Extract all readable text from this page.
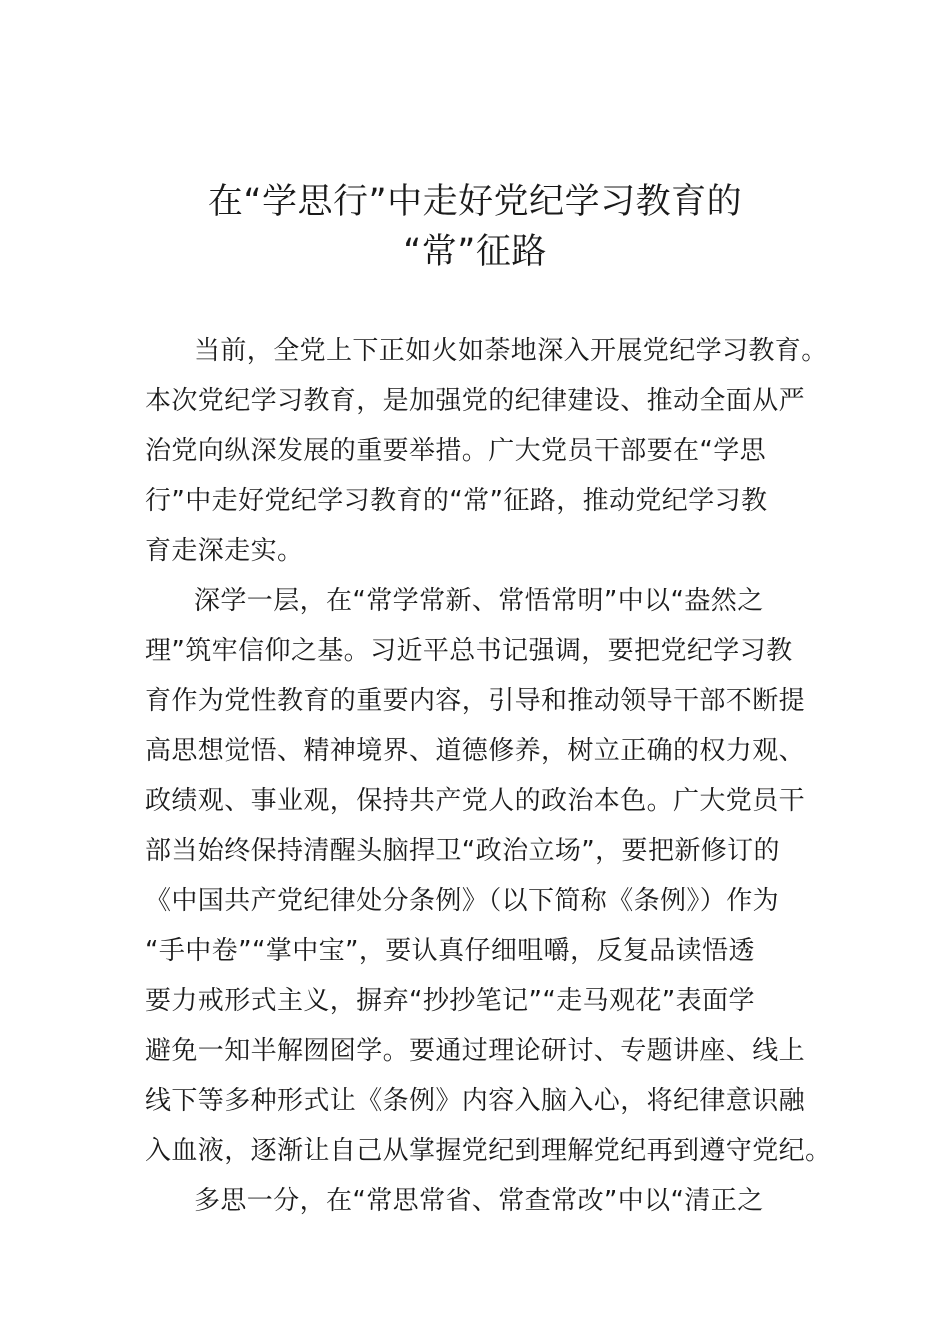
在“学思行”中走好党纪学习教育的
“常”征路
当前，全党上下正如火如荼地深入开展党纪学习教育。
本次党纪学习教育，是加强党的纪律建设、推动全面从严
治党向纵深发展的重要举措。广大党员干部要在“学思
行”中走好党纪学习教育的“常”征路，推动党纪学习教
育走深走实。
深学一层，在“常学常新、常悟常明”中以“盎然之
理”筑牢信仰之基。习近平总书记强调，要把党纪学习教
育作为党性教育的重要内容，引导和推动领导干部不断提
高思想觉悟、精神境界、道德修养，树立正确的权力观、
政绩观、事业观，保持共产党人的政治本色。广大党员干
部当始终保持清醒头脑捍卫“政治立场”，要把新修订的
《中国共产党纪律处分条例》（以下简称《条例》）作为
“手中卷”“掌中宝”，要认真仔细咀嚼，反复品读悟透
要力戒形式主义，摒弃“抄抄笔记”“走马观花”表面学
避免一知半解囫囵学。要通过理论研讨、专题讲座、线上
线下等多种形式让《条例》内容入脑入心，将纪律意识融
入血液，逐渐让自己从掌握党纪到理解党纪再到遵守党纪。
多思一分，在“常思常省、常查常改”中以“清正之
